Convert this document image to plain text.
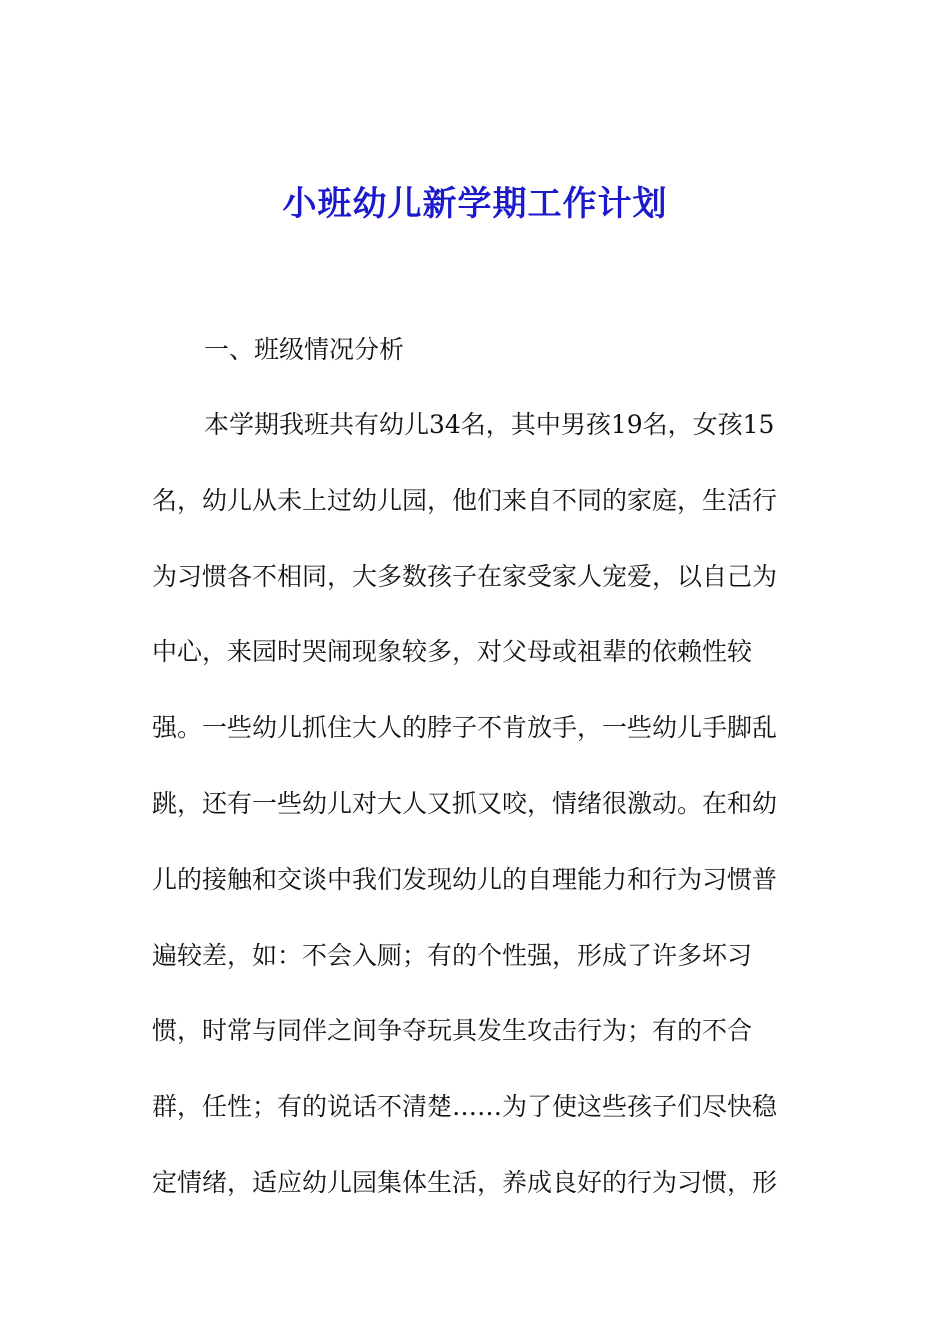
小班幼儿新学期工作计划
一、班级情况分析
本学期我班共有幼儿34名，其中男孩19名，女孩15
名，幼儿从未上过幼儿园，他们来自不同的家庭，生活行
为习惯各不相同，大多数孩子在家受家人宠爱，以自己为
中心，来园时哭闹现象较多，对父母或祖辈的依赖性较
强。一些幼儿抓住大人的脖子不肯放手，一些幼儿手脚乱
跳，还有一些幼儿对大人又抓又咬，情绪很激动。在和幼
儿的接触和交谈中我们发现幼儿的自理能力和行为习惯普
遍较差，如：不会入厕；有的个性强，形成了许多坏习
惯，时常与同伴之间争夺玩具发生攻击行为；有的不合
群，任性；有的说话不清楚……为了使这些孩子们尽快稳
定情绪，适应幼儿园集体生活，养成良好的行为习惯，形
